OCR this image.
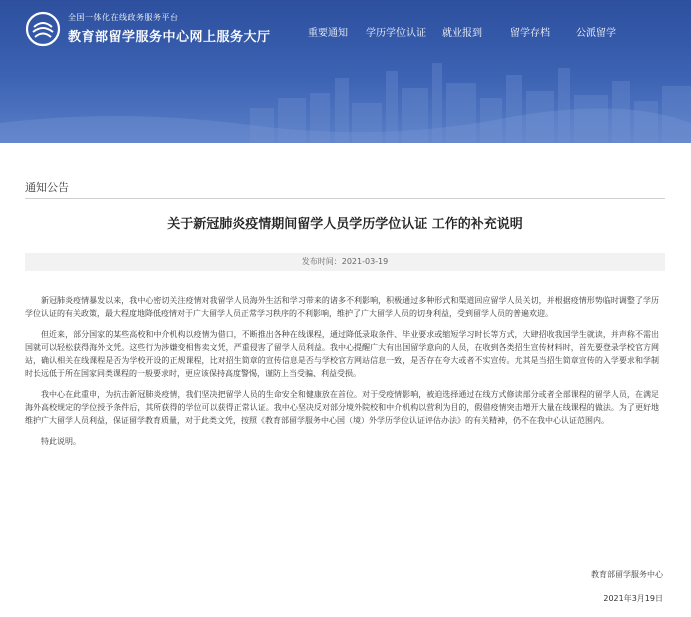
全国一体化在线政务服务平台
教育部留学服务中心网上服务大厅	重要通知 学历学位认证 就业报到	留学存档	公派留学
通知公告
关于新冠肺炎疫情期间留学人员学历学位认证 工作的补充说明
发布时间：2021-03-19

新冠肺炎疫情暴发以来，我中心密切关注疫情对我留学人员海外生活和学习带来的诸多不利影响，积极通过多种形式和渠道回应留学人员关切，并根据疫情形势临时调整了学历学位认证的有关政策，最大程度地降低疫情对于广大留学人员正常学习秩序的不利影响，维护了广大留学人员的切身利益，受到留学人员的普遍欢迎。

但近来，部分国家的某些高校和中介机构以疫情为借口，不断推出各种在线课程，通过降低录取条件、毕业要求或缩短学习时长等方式，大肆招收我国学生就读，并声称不需出国就可以轻松获得海外文凭。这些行为涉嫌变相售卖文凭，严重侵害了留学人员利益。我中心提醒广大有出国留学意向的人员，在收到各类招生宣传材料时，首先要登录学校官方网站，确认相关在线课程是否为学校开设的正规课程，比对招生简章的宣传信息是否与学校官方网站信息一致，是否存在夸大或者不实宣传。尤其是当招生简章宣传的入学要求和学制时长远低于所在国家同类课程的一般要求时，更应该保持高度警惕，谨防上当受骗、利益受损。

我中心在此重申，为抗击新冠肺炎疫情，我们坚决把留学人员的生命安全和健康放在首位。对于受疫情影响，被迫选择通过在线方式修读部分或者全部课程的留学人员，在满足海外高校规定的学位授予条件后，其所获得的学位可以获得正常认证。我中心坚决反对部分境外院校和中介机构以营利为目的，假借疫情突击增开大量在线课程的做法。为了更好地维护广大留学人员利益，保证留学教育质量，对于此类文凭，按照《教育部留学服务中心国（境）外学历学位认证评估办法》的有关精神，仍不在我中心认证范围内。

特此说明。

教育部留学服务中心
2021年3月19日
